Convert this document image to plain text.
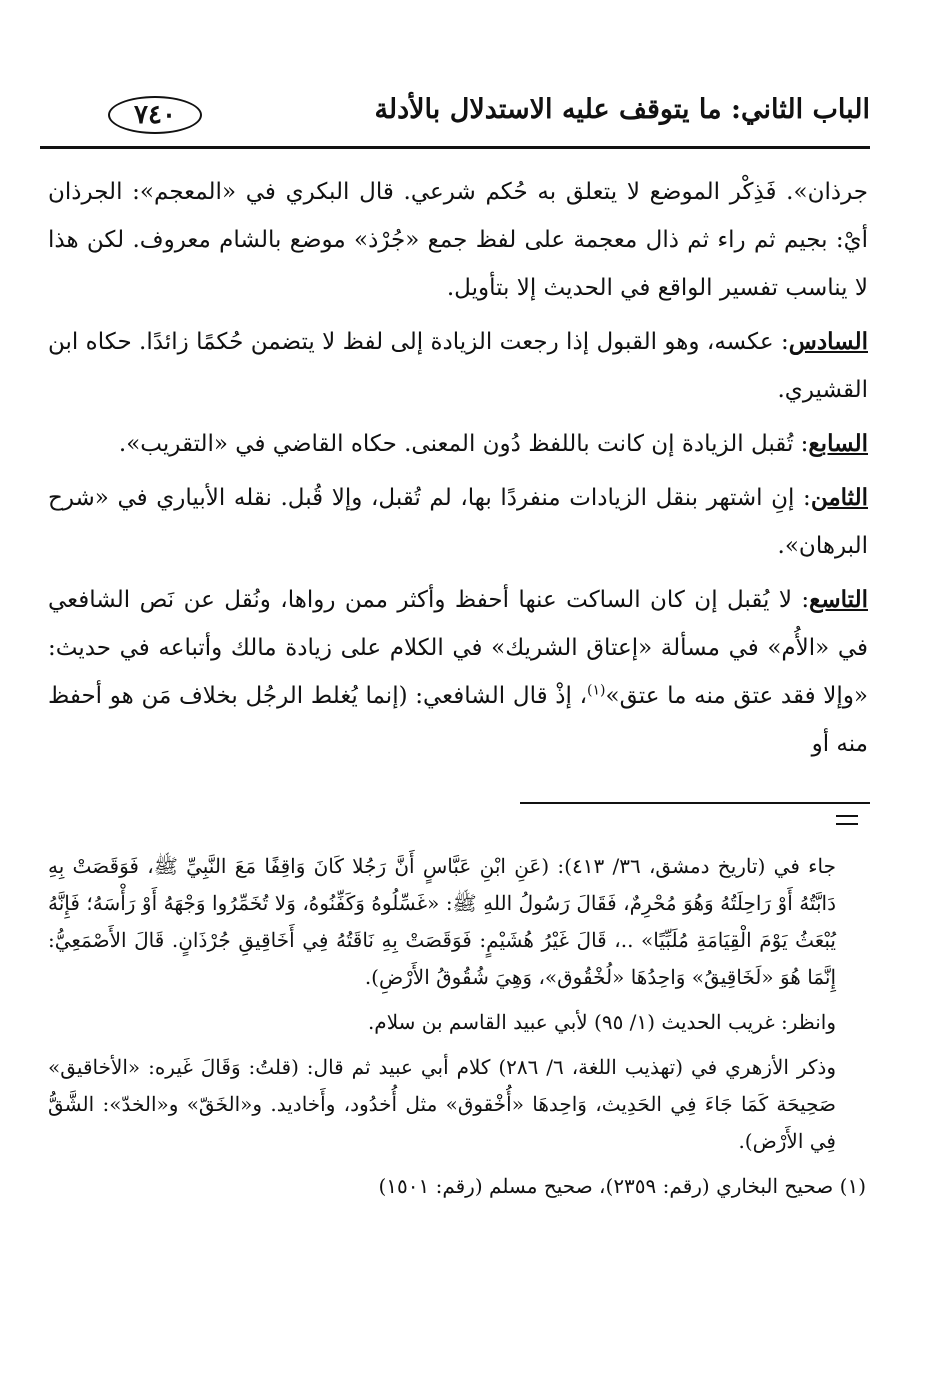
الباب الثاني: ما يتوقف عليه الاستدلال بالأدلة
٧٤٠

جرذان». فَذِكْر الموضع لا يتعلق به حُكم شرعي. قال البكري في «المعجم»: الجرذان أيْ: بجيم ثم راء ثم ذال معجمة على لفظ جمع «جُرْذ» موضع بالشام معروف. لكن هذا لا يناسب تفسير الواقع في الحديث إلا بتأويل.

السادس: عكسه، وهو القبول إذا رجعت الزيادة إلى لفظ لا يتضمن حُكمًا زائدًا. حكاه ابن القشيري.

السابع: تُقبل الزيادة إن كانت باللفظ دُون المعنى. حكاه القاضي في «التقريب».

الثامن: إنِ اشتهر بنقل الزيادات منفردًا بها، لم تُقبل، وإلا قُبل. نقله الأبياري في «شرح البرهان».

التاسع: لا يُقبل إن كان الساكت عنها أحفظ وأكثر ممن رواها، ونُقل عن نَص الشافعي في «الأُم» في مسألة «إعتاق الشريك» في الكلام على زيادة مالك وأتباعه في حديث: «وإلا فقد عتق منه ما عتق»$^{(١)}$، إذْ قال الشافعي: (إنما يُغلط الرجُل بخلاف مَن هو أحفظ منه أو

جاء في (تاريخ دمشق، ٣٦/ ٤١٣): (عَنِ ابْنِ عَبَّاسٍ أَنَّ رَجُلا كَانَ وَاقِفًا مَعَ النَّبِيِّ ﷺ، فَوَقَصَتْ بِهِ دَابَّتُهُ أَوْ رَاحِلَتُهُ وَهُوَ مُحْرِمٌ، فَقَالَ رَسُولُ اللهِ ﷺ: «غَسِّلُوهُ وَكَفِّنُوهُ، وَلا تُخَمِّرُوا وَجْهَهُ أَوْ رَأْسَهُ؛ فَإِنَّهُ يُبْعَثُ يَوْمَ الْقِيَامَةِ مُلَبِّيًا» ..، قَالَ غَيْرُ هُشَيْمٍ: فَوَقَصَتْ بِهِ نَاقَتُهُ فِي أَخَاقِيقِ جُرْذَانٍ. قَالَ الأَصْمَعِيُّ: إِنَّمَا هُوَ «لَخَاقِيقُ» وَاحِدُهَا «لُخْقُوق»، وَهِيَ شُقُوقُ الأَرْضِ).

وانظر: غريب الحديث (١/ ٩٥) لأبي عبيد القاسم بن سلام.

وذكر الأزهري في (تهذيب اللغة، ٦/ ٢٨٦) كلام أبي عبيد ثم قال: (قلتُ: وَقَالَ غَيره: «الأخاقيق» صَحِيحَة كَمَا جَاءَ فِي الحَدِيث، وَاحِدهَا «أُخْقوق» مثل أُخدُود، وأَخاديد. و«الخَقّ» و«الخدّ»: الشَّقُّ فِي الأَرْض).

(١) صحيح البخاري (رقم: ٢٣٥٩)، صحيح مسلم (رقم: ١٥٠١)
